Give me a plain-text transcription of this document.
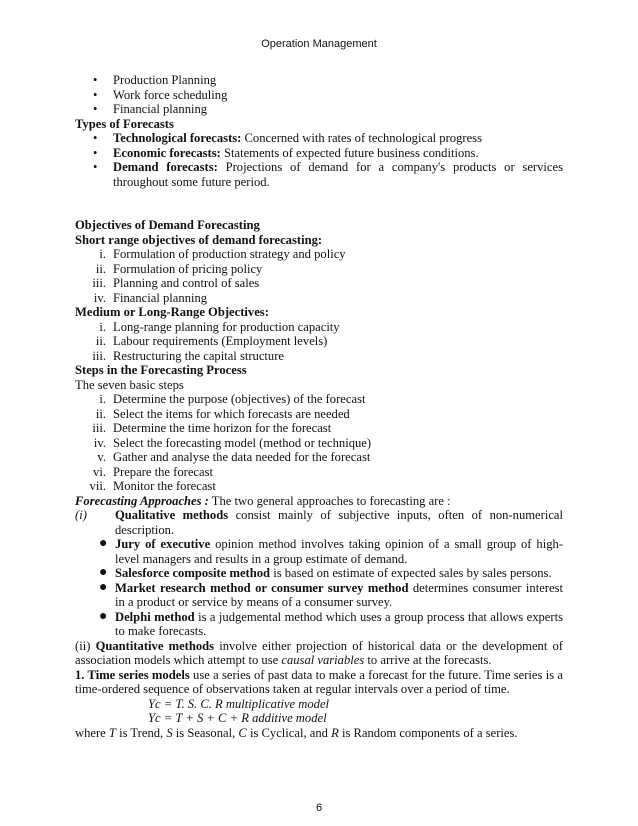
Operation Management
• Production Planning
• Work force scheduling
• Financial planning
Types of Forecasts
• Technological forecasts: Concerned with rates of technological progress
• Economic forecasts: Statements of expected future business conditions.
• Demand forecasts: Projections of demand for a company's products or services
throughout some future period.
Objectives of Demand Forecasting
Short range objectives of demand forecasting:
i. Formulation of production strategy and policy
ii. Formulation of pricing policy
iii. Planning and control of sales
iv. Financial planning
Medium or Long-Range Objectives:
i. Long-range planning for production capacity
ii. Labour requirements (Employment levels)
iii. Restructuring the capital structure
Steps in the Forecasting Process
The seven basic steps
i. Determine the purpose (objectives) of the forecast
ii. Select the items for which forecasts are needed
iii. Determine the time horizon for the forecast
iv. Select the forecasting model (method or technique)
v. Gather and analyse the data needed for the forecast
vi. Prepare the forecast
vii. Monitor the forecast
Forecasting Approaches : The two general approaches to forecasting are :
(i) Qualitative methods consist mainly of subjective inputs, often of non-numerical description.
● Jury of executive opinion method involves taking opinion of a small group of high-level managers and results in a group estimate of demand.
● Salesforce composite method is based on estimate of expected sales by sales persons.
● Market research method or consumer survey method determines consumer interest in a product or service by means of a consumer survey.
● Delphi method is a judgemental method which uses a group process that allows experts to make forecasts.
(ii) Quantitative methods involve either projection of historical data or the development of association models which attempt to use causal variables to arrive at the forecasts.
1. Time series models use a series of past data to make a forecast for the future. Time series is a time-ordered sequence of observations taken at regular intervals over a period of time.
Yc = T. S. C. R multiplicative model
Yc = T + S + C + R additive model
where T is Trend, S is Seasonal, C is Cyclical, and R is Random components of a series.
6
